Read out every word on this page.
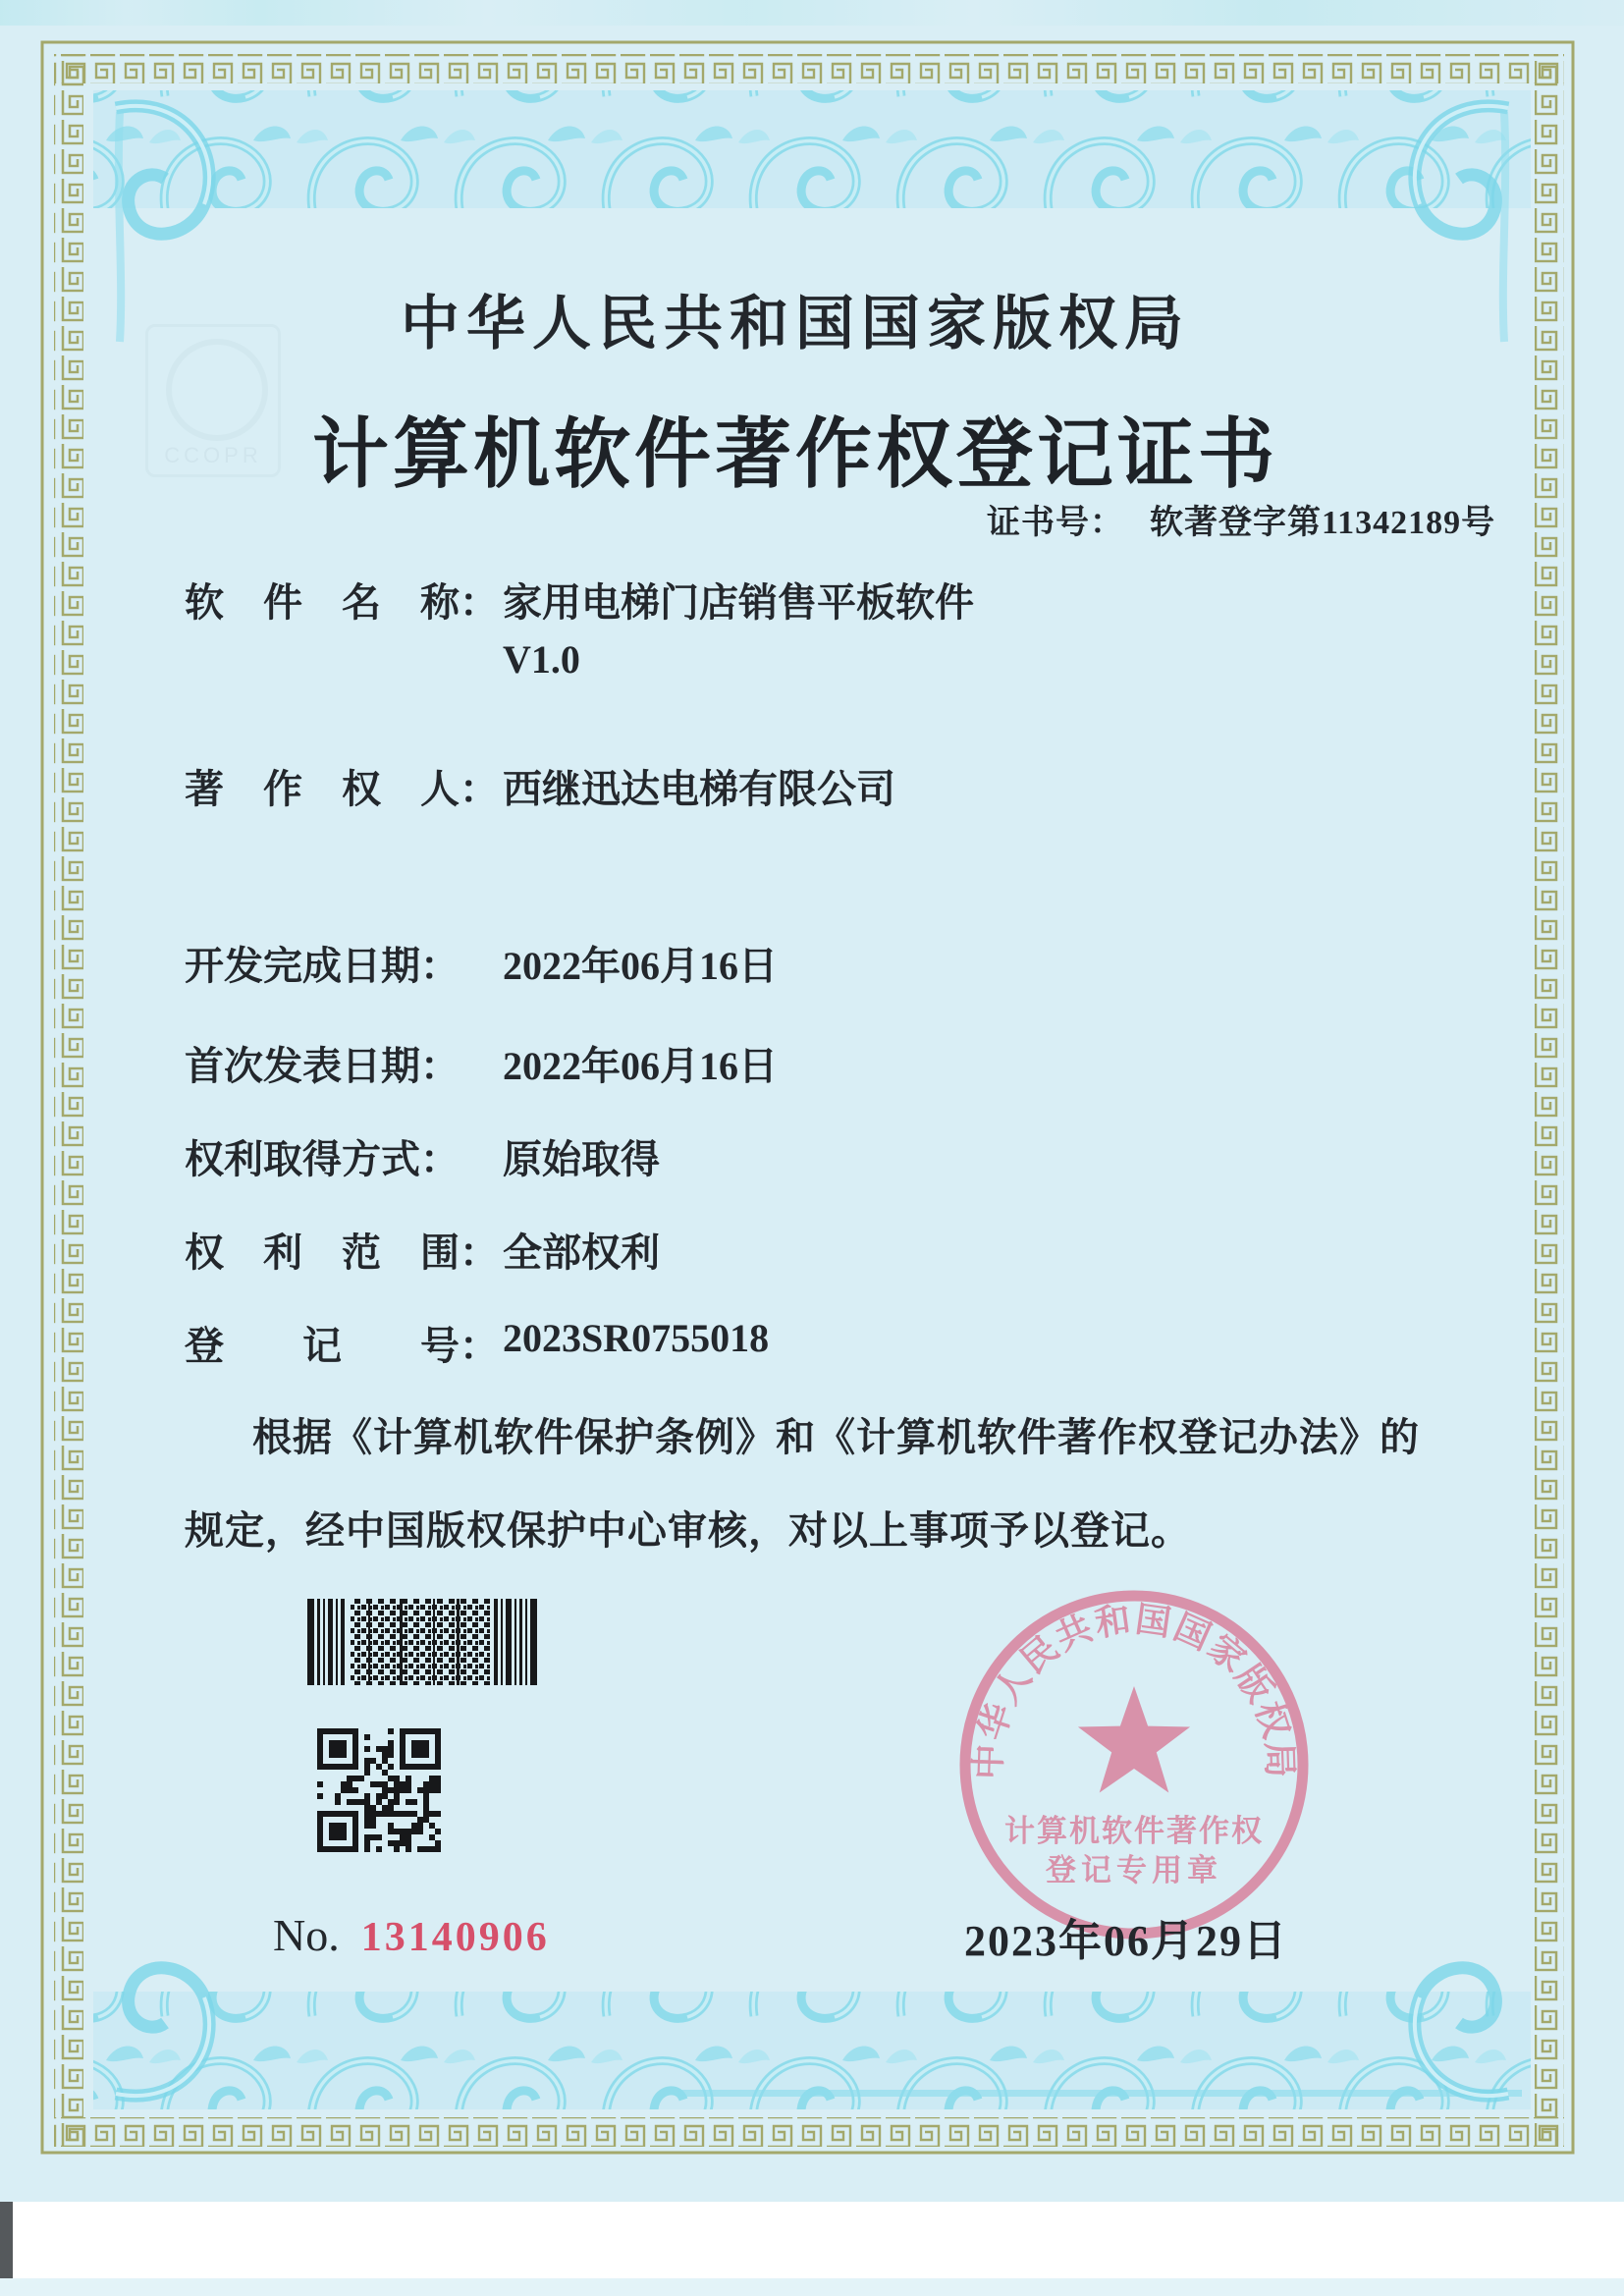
CCOPR
中华人民共和国国家版权局
计算机软件著作权登记证书
证书号： 软著登字第11342189号
软　件　名　称： 家用电梯门店销售平板软件
V1.0
著　作　权　人： 西继迅达电梯有限公司
开发完成日期： 2022年06月16日
首次发表日期： 2022年06月16日
权利取得方式： 原始取得
权　利　范　围： 全部权利
登　　记　　号： 2023SR0755018
根据《计算机软件保护条例》和《计算机软件著作权登记办法》的
规定，经中国版权保护中心审核，对以上事项予以登记。
No. 13140906
中华人民共和国国家版权局
计算机软件著作权
登记专用章
2023年06月29日
